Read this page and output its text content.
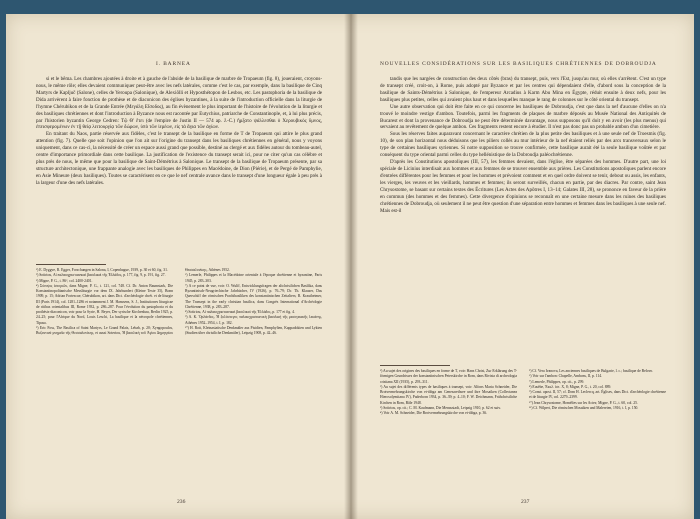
I. BARNEA

si et le bêma. Les chambres ajoutées à droite et à gauche de l'abside de la basilique de marbre de Tropaeum (fig. 8), joueraient, croyons-nous, le même rôle; elles devaient communiquer peut-être avec les nefs latérales, comme c'est le cas, par exemple, dans la basilique de Cinq Martyrs de Kapljuč (Salone), celles de Yeroupa (Salonique), de Alexiôlli et Hyposthétopon de Lesbos, etc. Les pastophoria de la basilique de Dida arrivèrent à faire fonction de prothèse et de diaconicon des églises byzantines, à la suite de l'introduction officielle dans la liturgie de l'hymne Chérubikon et de la Grande Entrée (Μεγάλη Εἴσοδος), au fin évènement le plus important de l'histoire de l'évolution de la liturgie et des basiliques chrétiennes et dont l'introduction à Byzance nous est racontée par Eutychius, patriarche de Constantinople, et, à lui plus précis, par l'historien byzantin George Cedren: Τῷ Θ' ἔτει (de l'empire de Justin II — 574 ap. J.-C.) ἤρξατο ψάλλεσθαι ὁ Χερουβικὸς ὕμνος, ἐπεισφερομένων ἐν τῇ θείᾳ λειτουργίᾳ τῶν δώρων, ὑπὸ τῶν ἱερέων, εἰς τὰ ἅγια τῶν ἁγίων.

En traitant du Naos, partie réservée aux fidèles, c'est le transept de la basilique en forme de T de Tropaeum qui attire le plus grand attention (fig. 7). Quelle que soit l'opinion que l'on ait sur l'origine du transept dans les basiliques chrétiennes en général, nous y voyons uniquement, dans ce cas-ci, la nécessité de créer un espace aussi grand que possible, destiné au clergé et aux fidèles autour du tombeau-autel, centre d'importance primordiale dans cette basilique. La justification de l'existence du transept serait ici, pour ne citer qu'un cas célèbre et plus près de nous, le même que pour la basilique de Saint-Démétrius à Salonique. Le transept de la basilique de Tropaeum présente, par sa structure architectonique, une frappante analogie avec les basiliques de Philippes en Macédoine, de Dion (Piérie), et de Pergé de Pamphylie, en Asie Mineure (deux basiliques). Toutes se caractérisent en ce que le nef centrale avance dans le transept d'une longueur égale à peu près à la largeur d'une des nefs latérales.

¹) E. Dyggve, R. Egger, Forschungen in Salona, I, Copenhague, 1939, p. 30 et 60, fig. 31.

²) Sotiriou, Αἱ παλαιοχριστιανικαὶ βασιλικαὶ τῆς Ἑλλάδος, p. 177, fig. 9, p. 191, fig. 27.

³) Migne, P. G., t. 86², col. 2400-2401.

⁴) Σύνοψις ἱστοριῶν, dans Migne, P. G., t. 121, col. 748. Cf. Dr. Anton Baumstark, Die Konstantinopolitanische Messliturgie vor dem IX. Jahrhundert (Kleine Texte 35), Bonn 1909, p. 15; Adrian Fortescue, Chérubikon, art. dans Dict. d'archéologie chrét. et de liturgie III (Paris 1914), col. 1281–1286 et notamment J. M. Hanssens, S. J., Institutiones liturgicae de ritibus orientalibus III, Rome 1932, p. 286–287. Pour l'évolution du pastophoria et du prothésis-diaconicon, voir pour la Syrie, H. Beyer, Der syrische Kirchenbau, Berlin 1925, p. 24–25; pour l'Afrique du Nord, Louis Leschi, La basilique et la nécropole chrétiennes, Tipasa.

⁵) Eric Foss, The Basilica of Saint Martyrs, Le Grand Palais, Lebab, p. 20; Xyngopoulos, Βυζαντινὰ μνημεῖα τῆς Θεσσαλονίκης, et aussi Soteriou, Ἡ βασιλικὴ τοῦ Ἁγίου Δημητρίου Θεσσαλονίκης, Athènes 1952.

⁶) Lemerle, Philippes et la Macédoine orientale à l'époque chrétienne et byzantine, Paris 1945, p. 283–303.

⁷) A ce point de vue, voir: O. Wulff, Entwicklungsfragen der altchristlichen Basilika, dans Byzantinisch-Neugriechische Jahrbücher, IV (1926), p. 76–79; Dr. Th. Klauser, Das Querschiff der römischen Prachtbasiliken des konstantinischen Zeitalters; R. Krautheimer, The Transept in the early christian basilica, dans Congrès International d'Archéologie Chrétienne, 1938, p. 283–287.

⁸) Sotiriou, Αἱ παλαιοχριστιανικαὶ βασιλικαὶ τῆς Ἑλλάδος, p. 177 et fig. 4.

⁹) Α. Κ. Ὀρλάνδος, Ἡ ξυλόστεγος παλαιοχριστιανικὴ βασιλικὴ τῆς μεσογειακῆς λεκάνης, Athènes 1952–1954, t. I, p. 182.

¹⁰) H. Rott, Kleinasiatische Denkmäler aus Pisidien, Pamphylien, Kappadokien und Lykien (Studien über christliche Denkmäler), Leipzig 1908, p. 42–46.

236
NOUVELLES CONSIDÉRATIONS SUR LES BASILIQUES CHRÉTIENNES DE DOBROUDJA

tandis que les nargées de construction des deux côtés (bras) du transept, puis, vers l'Est, jusqu'au mur, où elles s'arrêtent. C'est un type de transept créé, croit-on, à Rome, puis adopté par Byzance et par les centres qui dépendaient d'elle, d'abord sous la conception de la basilique de Saints-Démétrius à Salonique, de l'empereur Arcadius à Karm Abu Mina en Égypte, réduit ensuite à deux nefs, pour les basiliques plus petites, celles qui avaient plus haut et dans lesquelles manque le rang de colonnes sur le côté oriental du transept.

Une autre observation qui doit être faite en ce qui concerne les basiliques de Dobroudja, c'est que dans la nef d'aucune d'elles on n'a trouvé le moindre vestige d'ambon. Toutefois, parmi les fragments de plaques de marbre déposés au Musée National des Antiquités de Bucarest et dont la provenance de Dobroudja ne peut être déterminée davantage, nous supposons qu'il doit y en avoir (les plus menus) qui servaient au revêtement de quelque ambon. Ces fragments restent encore à étudier. Il n'est pas donc pas un probable ambon d'un cimetière.

Sous les réserves faites auparavant concernant le caractère chrétien de la plus petite des basiliques et à une seule nef de Troesmis (fig. 10), de son plan horizontal nous déduisons que les piliers collés au mur intérieur de la nef étaient reliés par des arcs transversaux selon le type de certaines basiliques syriennes. Si notre supposition se trouve confirmée, cette basilique aurait été la seule basilique voûtée et par conséquent du type oriental parmi celles du type hellénistique de la Dobroudja paléochrétienne.

D'après les Constitutions apostoliques (III, 57), les femmes devaient, dans l'église, être séparées des hommes. D'autre part, une loi spéciale de Licinius interdisait aux hommes et aux femmes de se trouver ensemble aux prières. Les Constitutions apostoliques parlent encore d'entrées différentes pour les femmes et pour les hommes et prévoient comment et en quel ordre doivent se tenir, debout ou assis, les enfants, les vierges, les veuves et les vieillards, hommes et femmes; ils seront surveillés, chacun en partie, par des diacres. Par contre, saint Jean Chrysostome, se basant sur certains textes des Écritures (Les Actes des Apôtres I, 13–14; Galates III, 28), se prononce en faveur de la prière en commun (des hommes et des femmes). Cette divergence d'opinions se reconnaît en une certaine mesure dans les ruines des basiliques chrétiennes de Dobroudja, où seulement il ne peut être question d'une séparation entre hommes et femmes dans les basiliques à une seule nef. Mais est-il

¹) Au sujet des origines des basiliques en forme de T, voir: Hans Christ, Zur Erklärung des T-förmigen Grundrisses der konstantinischen Peterskirche in Rom, dans Rivista di archeologia cristiana XII (1935), p. 293–311.

²) Au sujet des différents types de basiliques à transept, voir: Alfons Maria Schneider, Die Brotvermehrungskirche von et-tâbga am Genesarethsee und ihre Mosaiken (Collectanea Hierosolymitana IV), Paderborn 1934, p. 36–39; p. 4–10; F. W. Deichmann, Frühchristliche Kirchen in Rom, Bâle 1948.

³) Sotiriou, op. cit.; C. M. Kaufmann, Die Menasstadt, Leipzig 1910, p. 62 et suiv.

⁴) Voir A. M. Schneider, Die Brotvermehrungskirche von et-tâbga, p. 36.

⁵) Cf. Vera Ivanova, Les anciennes basiliques de Bulgarie, l. c.; basilique de Belovo.

⁶) Voir sur l'ambon: Chapelle, Ambons, II, p. 114.

⁷) Lemerle, Philippes, op. cit., p. 299.

⁸) Eusèbe, Ἐκκλ. ἱστ. X, 8; Migne, P. G., t. 20, col. 889.

⁹) Const. apost. II, 57; cf. Dom H. Leclercq, art. Églises, dans Dict. d'archéologie chrétienne et de liturgie IV, col. 2279–2399.

¹⁰) Jean Chrysostome, Homélies sur les Actes; Migne, P. G., t. 60, col. 25.

¹¹) Cf. Wilpert, Die römischen Mosaiken und Malereien, 1916, t. I, p. 150.

237
